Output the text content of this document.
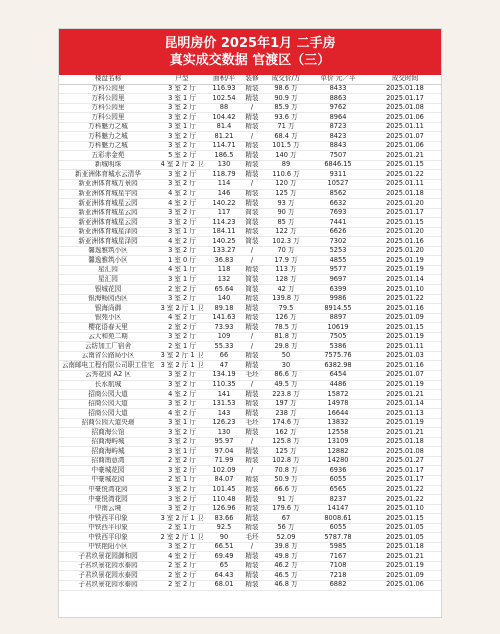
昆明房价 2025年1月 二手房
真实成交数据 官渡区（三）
楼盘名称	户型	面积/平	装修	成交价/万	单价 元／平	成交时间
万科公园里	3 室 2 厅	116.93	精装	98.6 万	8433	2025.01.18
万科公园里	3 室 1 厅	102.54	精装	90.9 万	8863	2025.01.17
万科公园里	3 室 2 厅	88	/	85.9 万	9762	2025.01.08
万科公园里	3 室 2 厅	104.42	精装	93.6 万	8964	2025.01.06
万科魅力之城	3 室 1 厅	81.4	精装	71 万	8723	2025.01.11
万科魅力之城	3 室 2 厅	81.21	/	68.4 万	8423	2025.01.07
万科魅力之城	3 室 2 厅	114.71	精装	101.5 万	8843	2025.01.06
五彩赤金苑	5 室 2 厅	186.5	精装	140 万	7507	2025.01.21
新城明珠	4 室 2 厅 2 卫	130	精装	89	6846.15	2025.01.15
新亚洲体育城水云清华	3 室 2 厅	118.79	精装	110.6 万	9311	2025.01.22
新亚洲体育城万景园	3 室 2 厅	114	/	120 万	10527	2025.01.11
新亚洲体育城星宇园	4 室 2 厅	146	精装	125 万	8562	2025.01.18
新亚洲体育城星云园	4 室 2 厅	140.22	精装	93 万	6632	2025.01.20
新亚洲体育城星云园	3 室 2 厅	117	简装	90 万	7693	2025.01.17
新亚洲体育城星云园	3 室 2 厅	114.23	简装	85 万	7441	2025.01.15
新亚洲体育城星泽园	3 室 1 厅	184.11	精装	122 万	6626	2025.01.20
新亚洲体育城星泽园	4 室 2 厅	140.25	简装	102.3 万	7302	2025.01.16
馨逸雅筑小区	3 室 2 厅	133.27	/	70 万	5253	2025.01.20
馨逸雅筑小区	1 室 0 厅	36.83	/	17.9 万	4855	2025.01.19
星汇园	4 室 1 厅	118	精装	113 万	9577	2025.01.19
星汇园	3 室 1 厅	132	简装	128 万	9697	2025.01.14
银城花园	2 室 2 厅	65.64	简装	42 万	6399	2025.01.10
银海畅园西区	3 室 2 厅	140	精装	139.8 万	9986	2025.01.22
银海尚御	3 室 2 厅 1 卫	89.18	精装	79.5	8914.55	2025.01.16
银苑小区	4 室 2 厅	141.63	精装	126 万	8897	2025.01.09
樱花语春天里	2 室 2 厅	73.93	精装	78.5 万	10619	2025.01.15
云大和苑二期	3 室 2 厅	109	/	81.8 万	7505	2025.01.19
云纺加工厂宿舍	2 室 1 厅	55.33	/	29.8 万	5386	2025.01.11
云南省公路局小区	3 室 2 厅 1 卫	66	精装	50	7575.76	2025.01.03
云南邮电工程有限公司职工住宅	3 室 2 厅 1 卫	47	精装	30	6382.98	2025.01.16
云秀花园 A2 区	3 室 2 厅	134.19	毛坯	86.6 万	6454	2025.01.07
长水航城	3 室 2 厅	110.35	/	49.5 万	4486	2025.01.19
招商公园大道	4 室 2 厅	141	精装	223.8 万	15872	2025.01.21
招商公园大道	3 室 2 厅	131.53	精装	197 万	14978	2025.01.14
招商公园大道	4 室 2 厅	143	精装	238 万	16644	2025.01.13
招商公园大道央璟	3 室 1 厅	126.23	毛坯	174.6 万	13832	2025.01.19
招商海公馆	3 室 2 厅	130	精装	162 万	12558	2025.01.21
招商海屿城	3 室 2 厅	95.97	/	125.8 万	13109	2025.01.18
招商海屿城	3 室 1 厅	97.04	精装	125 万	12882	2025.01.08
招商南意湾	2 室 2 厅	71.99	精装	102.8 万	14280	2025.01.27
中豪城花园	3 室 2 厅	102.09	/	70.8 万	6936	2025.01.17
中豪城花园	2 室 1 厅	84.07	精装	50.9 万	6055	2025.01.17
中豪悦湾花园	3 室 2 厅	101.45	精装	66.6 万	6565	2025.01.22
中豪悦湾花园	3 室 2 厅	110.48	精装	91 万	8237	2025.01.22
中南云境	3 室 2 厅	126.96	精装	179.6 万	14147	2025.01.10
中铁西平印象	3 室 2 厅 1 卫	83.66	精装	67	8008.61	2025.01.15
中铁西平印象	2 室 1 厅	92.5	精装	56 万	6055	2025.01.05
中铁西平印象	2 室 2 厅 1 卫	90	毛坯	52.09	5787.78	2025.01.05
中铁艳阳小区	3 室 2 厅	66.51	/	39.8 万	5985	2025.01.18
子君玖景花园御和园	4 室 2 厅	69.49	精装	49.8 万	7167	2025.01.21
子君玖景花园水泰园	2 室 2 厅	65	精装	46.2 万	7108	2025.01.19
子君玖景花园水泰园	2 室 2 厅	64.43	精装	46.5 万	7218	2025.01.09
子君玖景花园水泰园	2 室 2 厅	68.01	精装	46.8 万	6882	2025.01.06
